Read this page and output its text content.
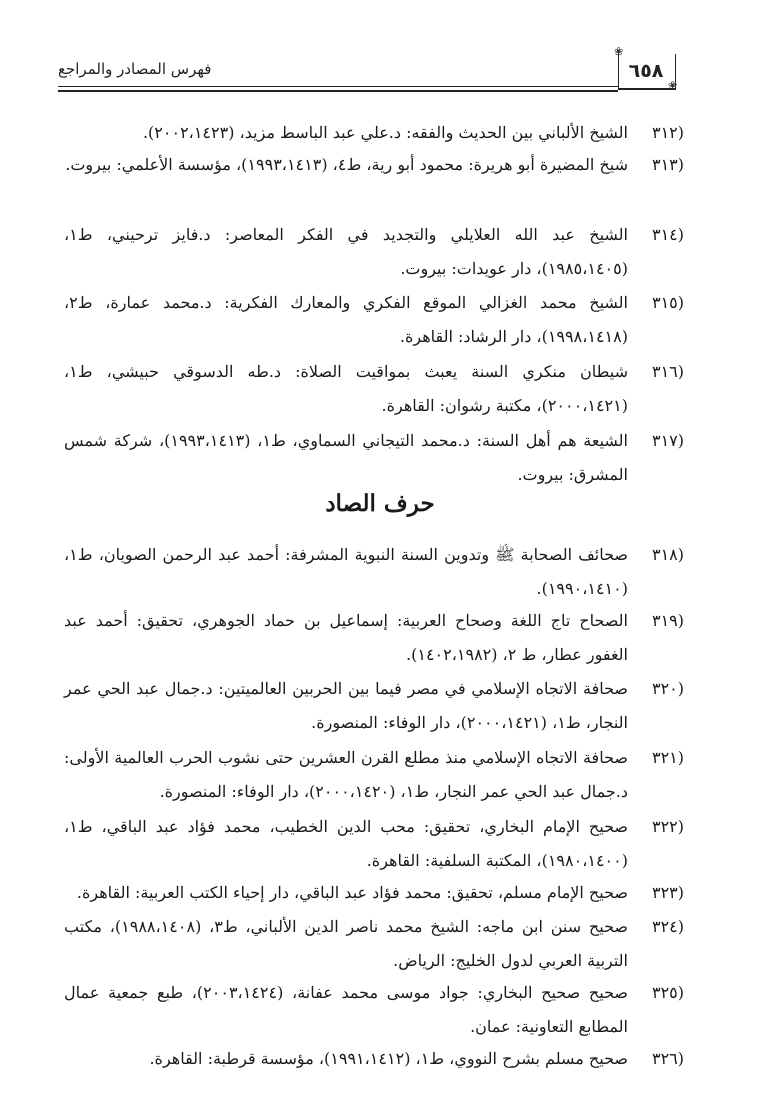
فهرس المصادر والمراجع
❀
٦٥٨
❀
٣١٢)
الشيخ الألباني بين الحديث والفقه: د.علي عبد الباسط مزيد، (٢٠٠٢،١٤٢٣).
٣١٣)
شيخ المضيرة أبو هريرة: محمود أبو رية، ط٤، (١٩٩٣،١٤١٣)، مؤسسة الأعلمي: بيروت.
٣١٤)
الشيخ عبد الله العلايلي والتجديد في الفكر المعاصر: د.فايز ترحيني، ط١، (١٩٨٥،١٤٠٥)، دار عويدات: بيروت.
٣١٥)
الشيخ محمد الغزالي الموقع الفكري والمعارك الفكرية: د.محمد عمارة، ط٢، (١٩٩٨،١٤١٨)، دار الرشاد: القاهرة.
٣١٦)
شيطان منكري السنة يعبث بمواقيت الصلاة: د.طه الدسوقي حبيشي، ط١، (٢٠٠٠،١٤٢١)، مكتبة رشوان: القاهرة.
٣١٧)
الشيعة هم أهل السنة: د.محمد التيجاني السماوي، ط١، (١٩٩٣،١٤١٣)، شركة شمس المشرق: بيروت.
حرف الصاد
٣١٨)
صحائف الصحابة ﷺ وتدوين السنة النبوية المشرفة: أحمد عبد الرحمن الصويان، ط١، (١٩٩٠،١٤١٠).
٣١٩)
الصحاح تاج اللغة وصحاح العربية: إسماعيل بن حماد الجوهري، تحقيق: أحمد عبد الغفور عطار، ط ٢، (١٤٠٢،١٩٨٢).
٣٢٠)
صحافة الاتجاه الإسلامي في مصر فيما بين الحربين العالميتين: د.جمال عبد الحي عمر النجار، ط١، (٢٠٠٠،١٤٢١)، دار الوفاء: المنصورة.
٣٢١)
صحافة الاتجاه الإسلامي منذ مطلع القرن العشرين حتى نشوب الحرب العالمية الأولى: د.جمال عبد الحي عمر النجار، ط١، (٢٠٠٠،١٤٢٠)، دار الوفاء: المنصورة.
٣٢٢)
صحيح الإمام البخاري، تحقيق: محب الدين الخطيب، محمد فؤاد عبد الباقي، ط١، (١٩٨٠،١٤٠٠)، المكتبة السلفية: القاهرة.
٣٢٣)
صحيح الإمام مسلم، تحقيق: محمد فؤاد عبد الباقي، دار إحياء الكتب العربية: القاهرة.
٣٢٤)
صحيح سنن ابن ماجه: الشيخ محمد ناصر الدين الألباني، ط٣، (١٩٨٨،١٤٠٨)، مكتب التربية العربي لدول الخليج: الرياض.
٣٢٥)
صحيح صحيح البخاري: جواد موسى محمد عفانة، (٢٠٠٣،١٤٢٤)، طبع جمعية عمال المطابع التعاونية: عمان.
٣٢٦)
صحيح مسلم بشرح النووي، ط١، (١٩٩١،١٤١٢)، مؤسسة قرطبة: القاهرة.
